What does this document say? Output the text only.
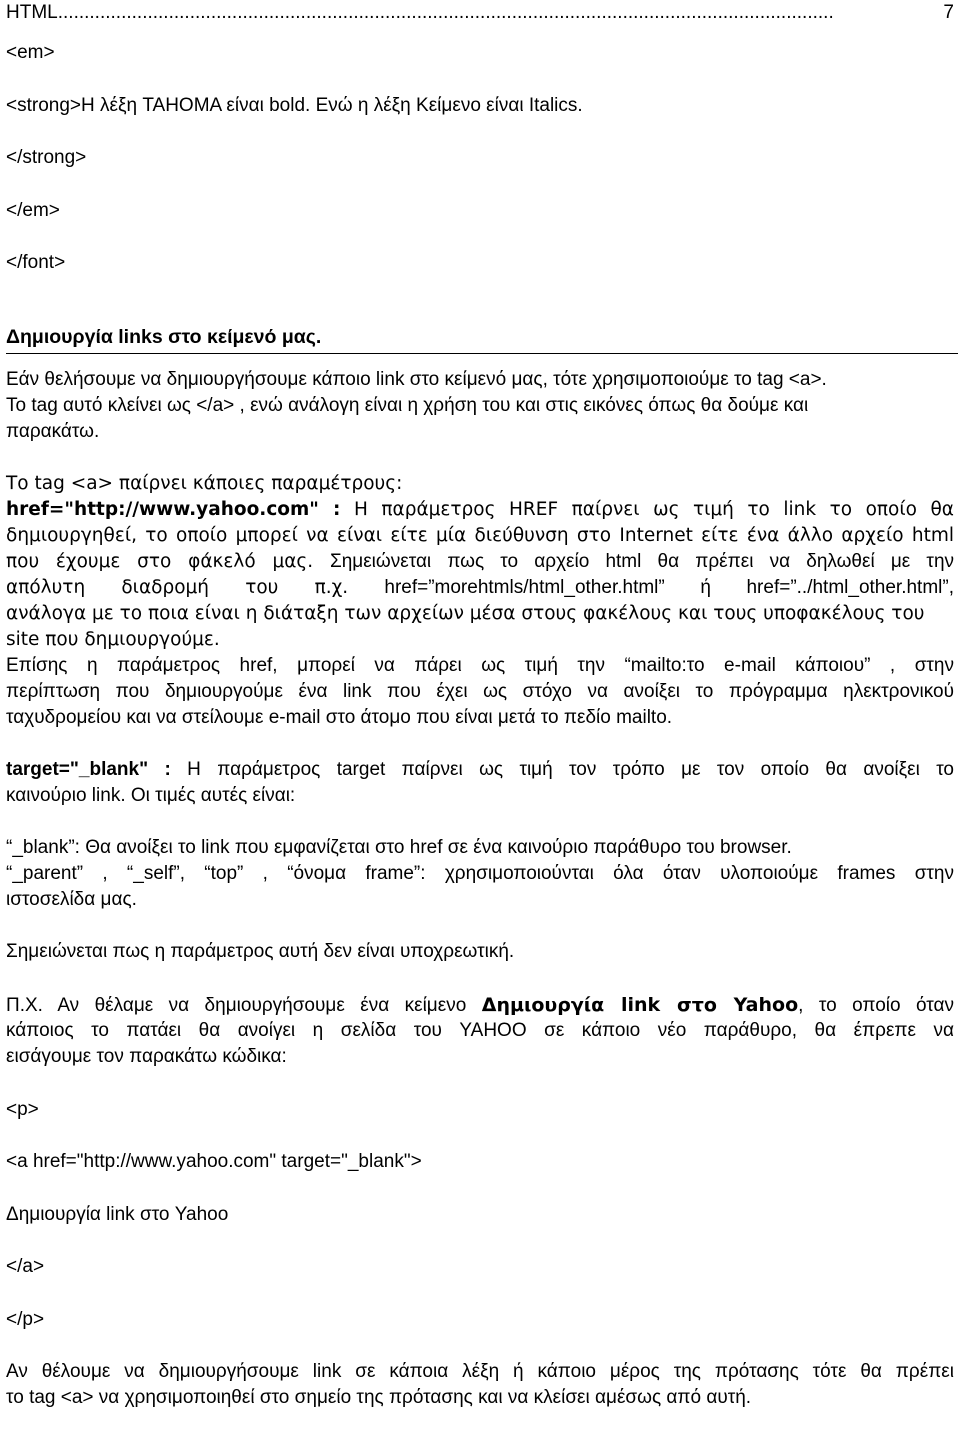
HTML ...................................................................................................................................................	7
<em>
<strong>Η λέξη TAHOMA είναι bold. Ενώ η λέξη Κείμενο είναι Italics.
</strong>
</em>
</font>
Δημιουργία links στο κείμενό μας.
Εάν θελήσουμε να δημιουργήσουμε κάποιο link στο κείμενό μας, τότε χρησιμοποιούμε το tag <a>.
Το tag αυτό κλείνει ως </a> , ενώ ανάλογη είναι η χρήση του και στις εικόνες όπως θα δούμε και
παρακάτω.
Το tag <a> παίρνει κάποιες παραμέτρους:
href="http://www.yahoo.com" : Η παράμετρος HREF παίρνει ως τιμή το link το οποίο θα
δημιουργηθεί, το οποίο μπορεί να είναι είτε μία διεύθυνση στο Internet είτε ένα άλλο αρχείο html
που έχουμε στο φάκελό μας. Σημειώνεται πως το αρχείο html θα πρέπει να δηλωθεί με την
απόλυτη διαδρομή του π.χ. href=”morehtmls/html_other.html” ή href=”../html_other.html”,
ανάλογα με το ποια είναι η διάταξη των αρχείων μέσα στους φακέλους και τους υποφακέλους του
site που δημιουργούμε.
Επίσης η παράμετρος href, μπορεί να πάρει ως τιμή την “mailto:το e-mail κάποιου” , στην
περίπτωση που δημιουργούμε ένα link που έχει ως στόχο να ανοίξει το πρόγραμμα ηλεκτρονικού
ταχυδρομείου και να στείλουμε e-mail στο άτομο που είναι μετά το πεδίο mailto.
target="_blank" : Η παράμετρος target παίρνει ως τιμή τον τρόπο με τον οποίο θα ανοίξει το
καινούριο link. Οι τιμές αυτές είναι:
“_blank”: Θα ανοίξει το link που εμφανίζεται στο href σε ένα καινούριο παράθυρο του browser.
“_parent” , “_self”, “top” , “όνομα frame”: χρησιμοποιούνται όλα όταν υλοποιούμε frames στην
ιστοσελίδα μας.
Σημειώνεται πως η παράμετρος αυτή δεν είναι υποχρεωτική.
Π.Χ. Αν θέλαμε να δημιουργήσουμε ένα κείμενο Δημιουργία link στο Yahoo, το οποίο όταν
κάποιος το πατάει θα ανοίγει η σελίδα του YAHOO σε κάποιο νέο παράθυρο, θα έπρεπε να
εισάγουμε τον παρακάτω κώδικα:
<p>
<a href="http://www.yahoo.com" target="_blank">
Δημιουργία link στο Yahoo
</a>
</p>
Αν θέλουμε να δημιουργήσουμε link σε κάποια λέξη ή κάποιο μέρος της πρότασης τότε θα πρέπει
το tag <a> να χρησιμοποιηθεί στο σημείο της πρότασης και να κλείσει αμέσως από αυτή.
